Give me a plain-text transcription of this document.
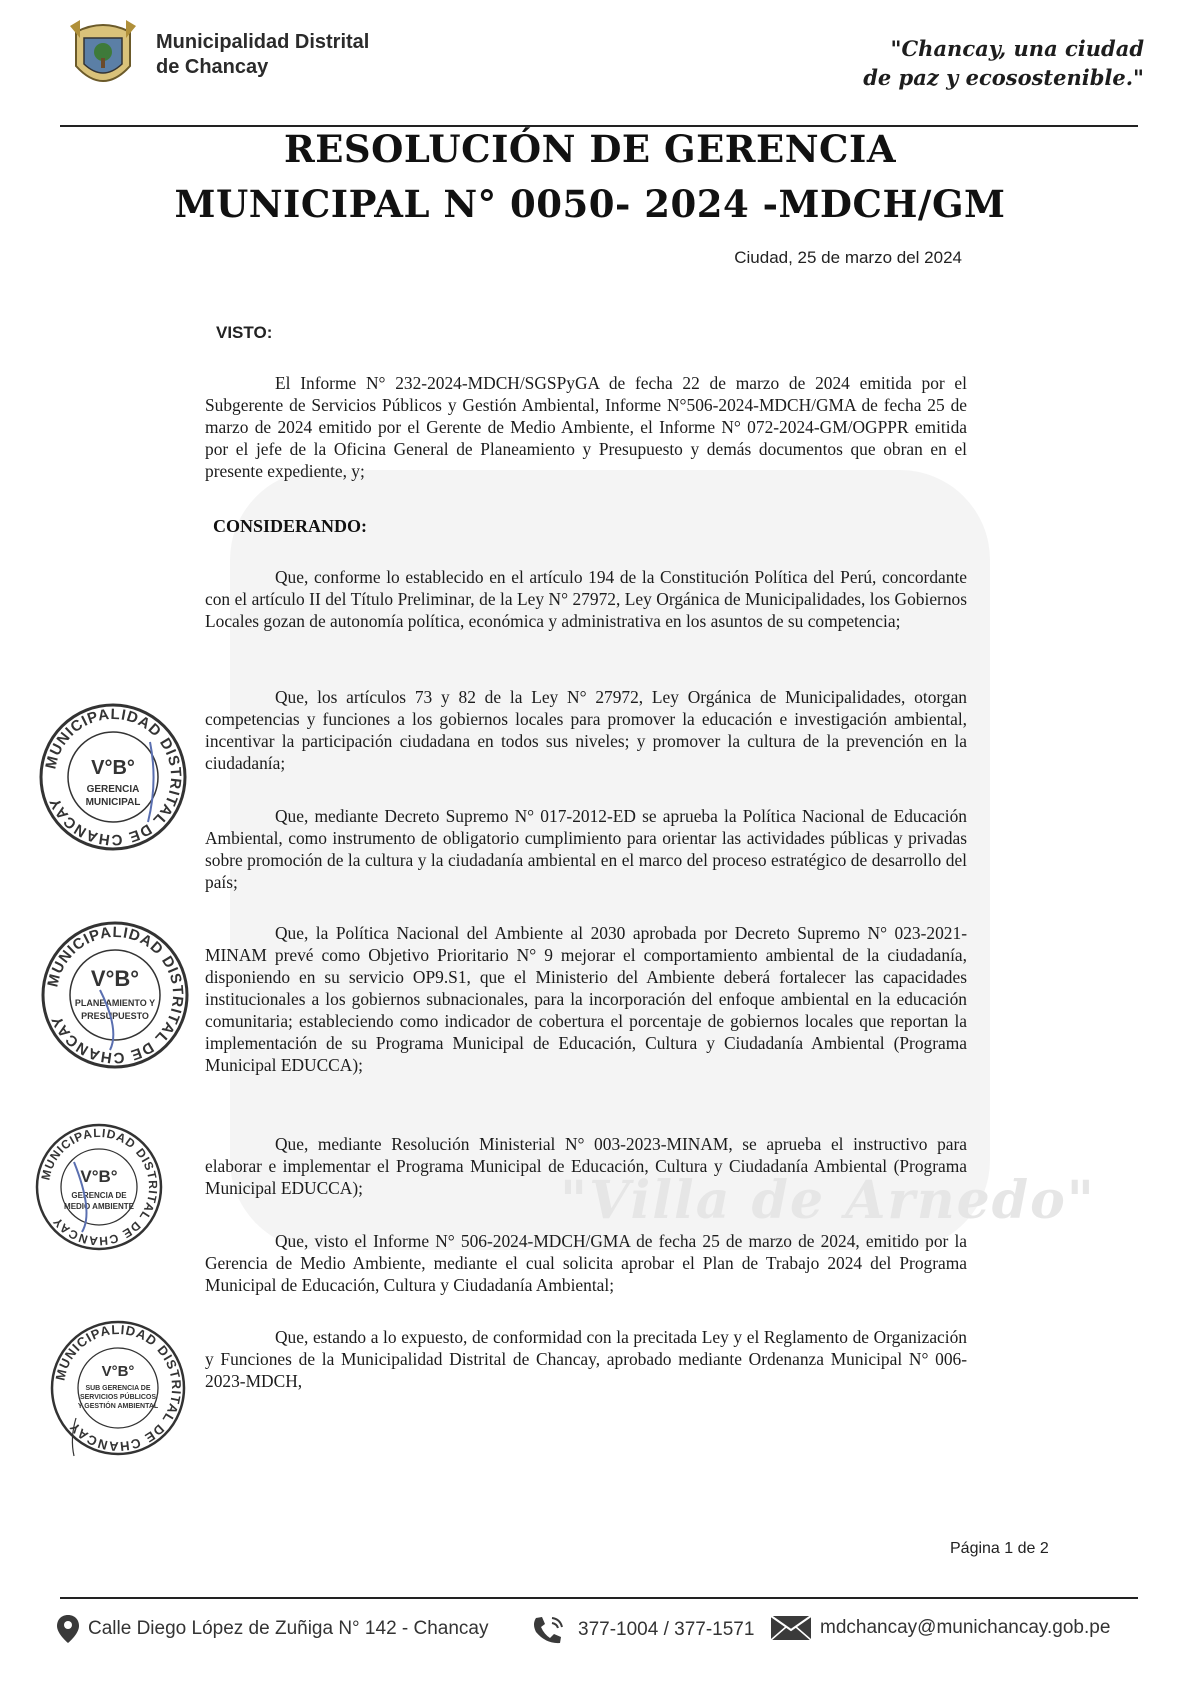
"Villa de Arnedo"
Municipalidad Distrital
de Chancay
"Chancay, una ciudad
de paz y ecosostenible."
RESOLUCIÓN DE GERENCIA
MUNICIPAL N° 0050- 2024 -MDCH/GM
Ciudad, 25 de marzo del 2024
VISTO:
El Informe N° 232-2024-MDCH/SGSPyGA de fecha 22 de marzo de 2024 emitida por el Subgerente de Servicios Públicos y Gestión Ambiental, Informe N°506-2024-MDCH/GMA de fecha 25 de marzo de 2024 emitido por el Gerente de Medio Ambiente, el Informe N° 072-2024-GM/OGPPR emitida por el jefe de la Oficina General de Planeamiento y Presupuesto y demás documentos que obran en el presente expediente, y;
CONSIDERANDO:
Que, conforme lo establecido en el artículo 194 de la Constitución Política del Perú, concordante con el artículo II del Título Preliminar, de la Ley N° 27972, Ley Orgánica de Municipalidades, los Gobiernos Locales gozan de autonomía política, económica y administrativa en los asuntos de su competencia;
Que, los artículos 73 y 82 de la Ley N° 27972, Ley Orgánica de Municipalidades, otorgan competencias y funciones a los gobiernos locales para promover la educación e investigación ambiental, incentivar la participación ciudadana en todos sus niveles; y promover la cultura de la prevención en la ciudadanía;
Que, mediante Decreto Supremo N° 017-2012-ED se aprueba la Política Nacional de Educación Ambiental, como instrumento de obligatorio cumplimiento para orientar las actividades públicas y privadas sobre promoción de la cultura y la ciudadanía ambiental en el marco del proceso estratégico de desarrollo del país;
Que, la Política Nacional del Ambiente al 2030 aprobada por Decreto Supremo N° 023-2021-MINAM prevé como Objetivo Prioritario N° 9 mejorar el comportamiento ambiental de la ciudadanía, disponiendo en su servicio OP9.S1, que el Ministerio del Ambiente deberá fortalecer las capacidades institucionales a los gobiernos subnacionales, para la incorporación del enfoque ambiental en la educación comunitaria; estableciendo como indicador de cobertura el porcentaje de gobiernos locales que reportan la implementación de su Programa Municipal de Educación, Cultura y Ciudadanía Ambiental (Programa Municipal EDUCCA);
Que, mediante Resolución Ministerial N° 003-2023-MINAM, se aprueba el instructivo para elaborar e implementar el Programa Municipal de Educación, Cultura y Ciudadanía Ambiental (Programa Municipal EDUCCA);
Que, visto el Informe N° 506-2024-MDCH/GMA de fecha 25 de marzo de 2024, emitido por la Gerencia de Medio Ambiente, mediante el cual solicita aprobar el Plan de Trabajo 2024 del Programa Municipal de Educación, Cultura y Ciudadanía Ambiental;
Que, estando a lo expuesto, de conformidad con la precitada Ley y el Reglamento de Organización y Funciones de la Municipalidad Distrital de Chancay, aprobado mediante Ordenanza Municipal N° 006-2023-MDCH,
MUNICIPALIDAD DISTRITAL DE CHANCAY
V°B°
GERENCIA
MUNICIPAL
MUNICIPALIDAD DISTRITAL DE CHANCAY
V°B°
PLANEAMIENTO Y
PRESUPUESTO
MUNICIPALIDAD DISTRITAL DE CHANCAY
V°B°
GERENCIA DE
MEDIO AMBIENTE
MUNICIPALIDAD DISTRITAL DE CHANCAY
V°B°
SUB GERENCIA DE
SERVICIOS PÚBLICOS
Y GESTIÓN AMBIENTAL
Página 1 de 2
Calle Diego López de Zuñiga N° 142 - Chancay	377-1004 / 377-1571	mdchancay@munichancay.gob.pe
